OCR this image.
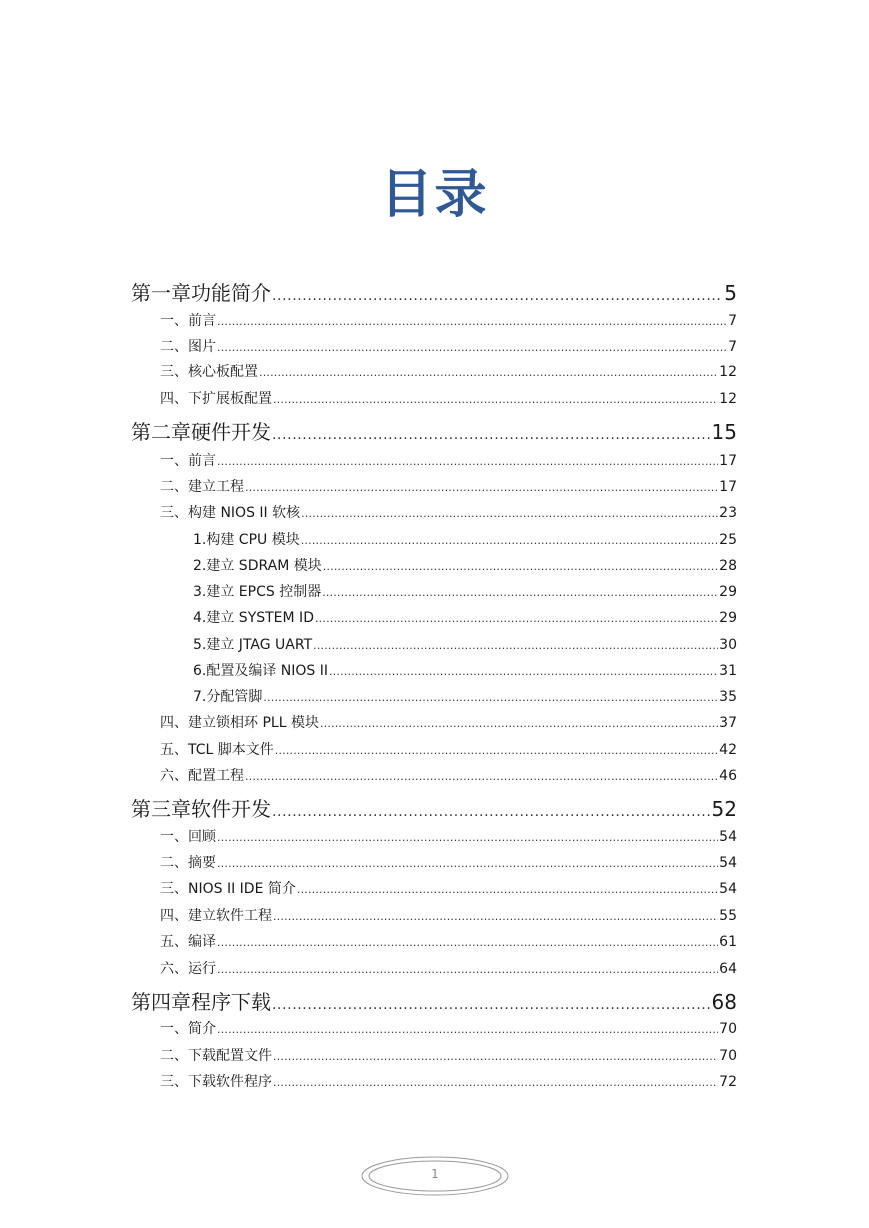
目录
第一章 功能简介 .....	5
一、 前言 .....	7
二、 图片 .....	7
三、 核心板配置 .....	12
四、 下扩展板配置 .....	12
第二章 硬件开发 .....	15
一、 前言 .....	17
二、 建立工程 .....	17
三、 构建 NIOS II 软核 .....	23
1. 构建 CPU 模块 .....	25
2. 建立 SDRAM 模块 .....	28
3. 建立 EPCS 控制器 .....	29
4. 建立 SYSTEM ID .....	29
5. 建立 JTAG UART .....	30
6. 配置及编译 NIOS II .....	31
7. 分配管脚 .....	35
四、 建立锁相环 PLL 模块 .....	37
五、 TCL 脚本文件 .....	42
六、 配置工程 .....	46
第三章 软件开发 .....	52
一、 回顾 .....	54
二、 摘要 .....	54
三、 NIOS II IDE 简介 .....	54
四、 建立软件工程 .....	55
五、 编译 .....	61
六、 运行 .....	64
第四章 程序下载 .....	68
一、 简介 .....	70
二、 下载配置文件 .....	70
三、 下载软件程序 .....	72
1
